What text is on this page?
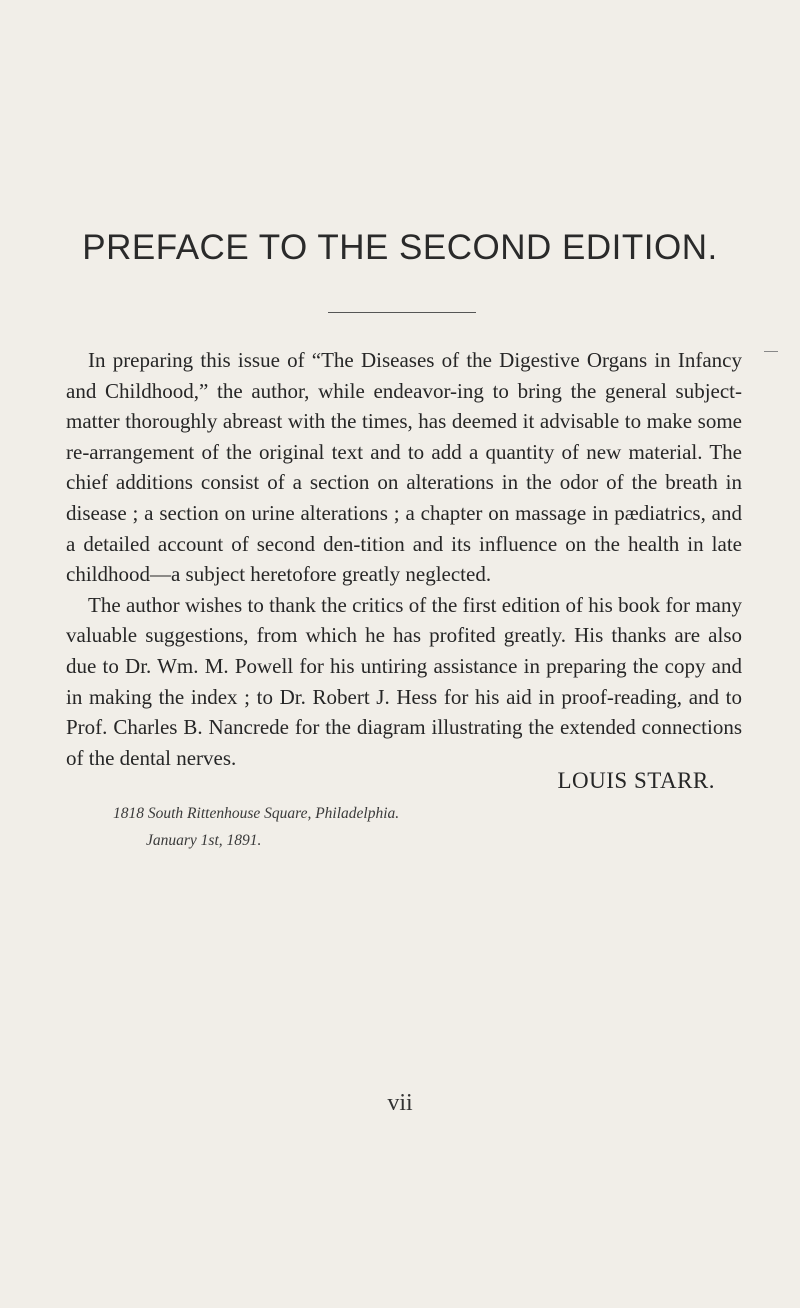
PREFACE TO THE SECOND EDITION.

In preparing this issue of “The Diseases of the Digestive Organs in Infancy and Childhood,” the author, while endeavor-ing to bring the general subject-matter thoroughly abreast with the times, has deemed it advisable to make some re-arrangement of the original text and to add a quantity of new material. The chief additions consist of a section on alterations in the odor of the breath in disease ; a section on urine alterations ; a chapter on massage in pædiatrics, and a detailed account of second den-tition and its influence on the health in late childhood—a subject heretofore greatly neglected.

The author wishes to thank the critics of the first edition of his book for many valuable suggestions, from which he has profited greatly. His thanks are also due to Dr. Wm. M. Powell for his untiring assistance in preparing the copy and in making the index ; to Dr. Robert J. Hess for his aid in proof-reading, and to Prof. Charles B. Nancrede for the diagram illustrating the extended connections of the dental nerves.

LOUIS STARR.

1818 South Rittenhouse Square, Philadelphia.

January 1st, 1891.

vii
